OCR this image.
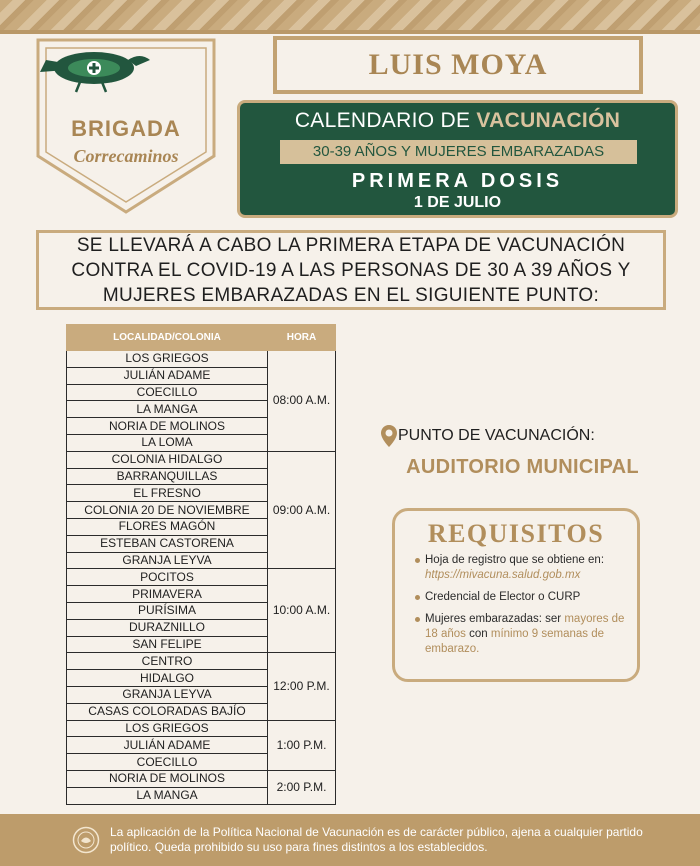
BRIGADA
Correcaminos
LUIS MOYA
CALENDARIO DE VACUNACIÓN
30-39 AÑOS Y MUJERES EMBARAZADAS
PRIMERA DOSIS
1 DE JULIO
SE LLEVARÁ A CABO LA PRIMERA ETAPA DE VACUNACIÓN CONTRA EL COVID-19 A LAS PERSONAS DE 30 A 39 AÑOS Y MUJERES EMBARAZADAS EN EL SIGUIENTE PUNTO:
LOCALIDAD/COLONIA	HORA
LOS GRIEGOS	08:00 A.M.
JULIÁN ADAME	
COECILLO	
LA MANGA	
NORIA DE MOLINOS	
LA LOMA	
COLONIA HIDALGO	09:00 A.M.
BARRANQUILLAS	
EL FRESNO	
COLONIA 20 DE NOVIEMBRE	
FLORES MAGÓN	
ESTEBAN CASTORENA	
GRANJA LEYVA	
POCITOS	10:00 A.M.
PRIMAVERA	
PURÍSIMA	
DURAZNILLO	
SAN FELIPE	
CENTRO	12:00 P.M.
HIDALGO	
GRANJA LEYVA	
CASAS COLORADAS BAJÍO	
LOS GRIEGOS	1:00 P.M.
JULIÁN ADAME	
COECILLO	
NORIA DE MOLINOS	2:00 P.M.
LA MANGA	
PUNTO DE VACUNACIÓN:
AUDITORIO MUNICIPAL
REQUISITOS
Hoja de registro que se obtiene en: https://mivacuna.salud.gob.mx
Credencial de Elector o CURP
Mujeres embarazadas: ser mayores de 18 años con mínimo 9 semanas de embarazo.
La aplicación de la Política Nacional de Vacunación es de carácter público, ajena a cualquier partido político. Queda prohibido su uso para fines distintos a los establecidos.
